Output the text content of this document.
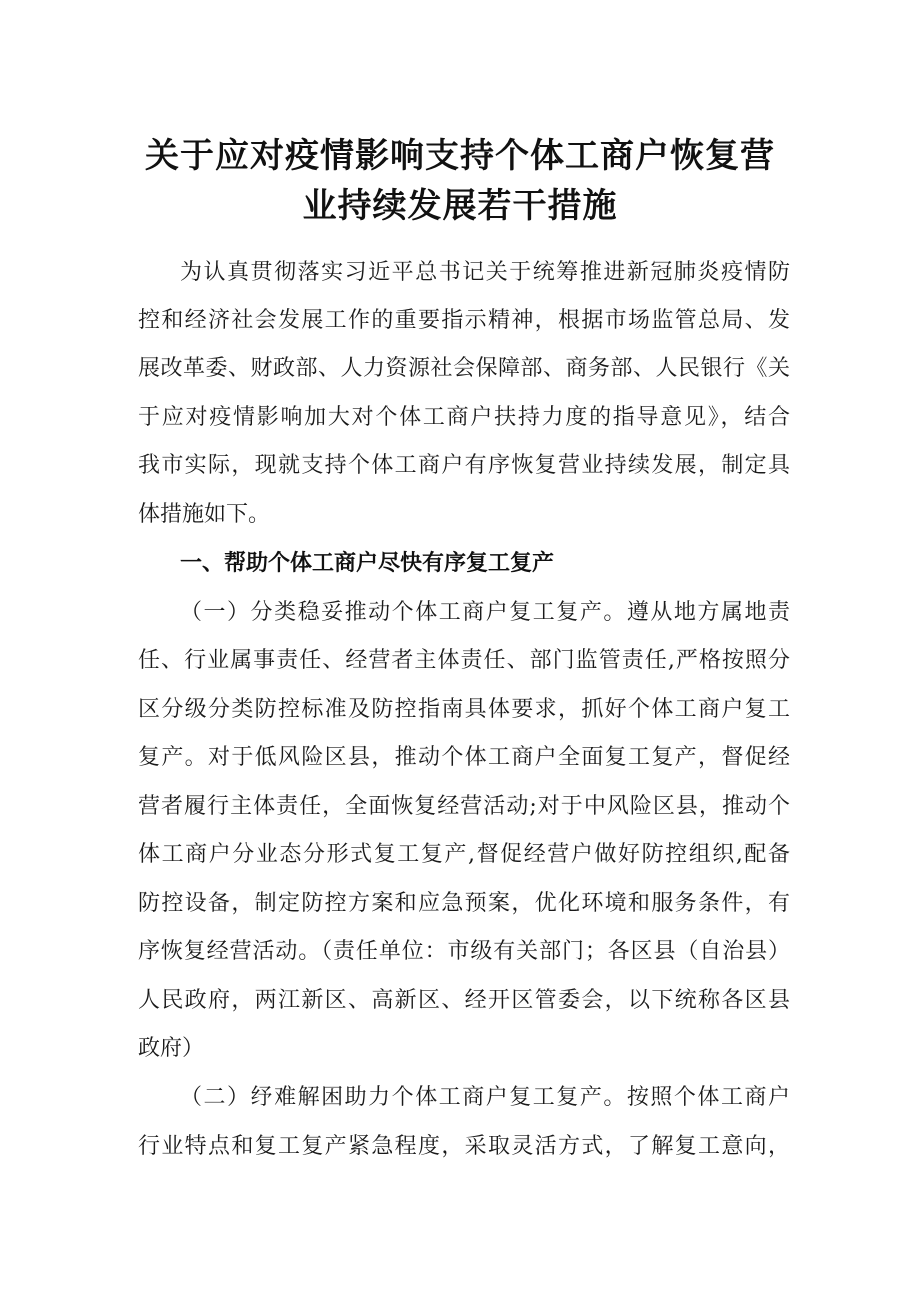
关于应对疫情影响支持个体工商户恢复营
业持续发展若干措施
为认真贯彻落实习近平总书记关于统筹推进新冠肺炎疫情防
控和经济社会发展工作的重要指示精神，根据市场监管总局、发
展改革委、财政部、人力资源社会保障部、商务部、人民银行《关
于应对疫情影响加大对个体工商户扶持力度的指导意见》，结合
我市实际，现就支持个体工商户有序恢复营业持续发展，制定具
体措施如下。
一、帮助个体工商户尽快有序复工复产
（一）分类稳妥推动个体工商户复工复产。遵从地方属地责
任、行业属事责任、经营者主体责任、部门监管责任,严格按照分
区分级分类防控标准及防控指南具体要求，抓好个体工商户复工
复产。对于低风险区县，推动个体工商户全面复工复产，督促经
营者履行主体责任，全面恢复经营活动;对于中风险区县，推动个
体工商户分业态分形式复工复产,督促经营户做好防控组织,配备
防控设备，制定防控方案和应急预案，优化环境和服务条件，有
序恢复经营活动。（责任单位：市级有关部门；各区县（自治县）
人民政府，两江新区、高新区、经开区管委会，以下统称各区县
政府）
（二）纾难解困助力个体工商户复工复产。按照个体工商户
行业特点和复工复产紧急程度，采取灵活方式，了解复工意向，
